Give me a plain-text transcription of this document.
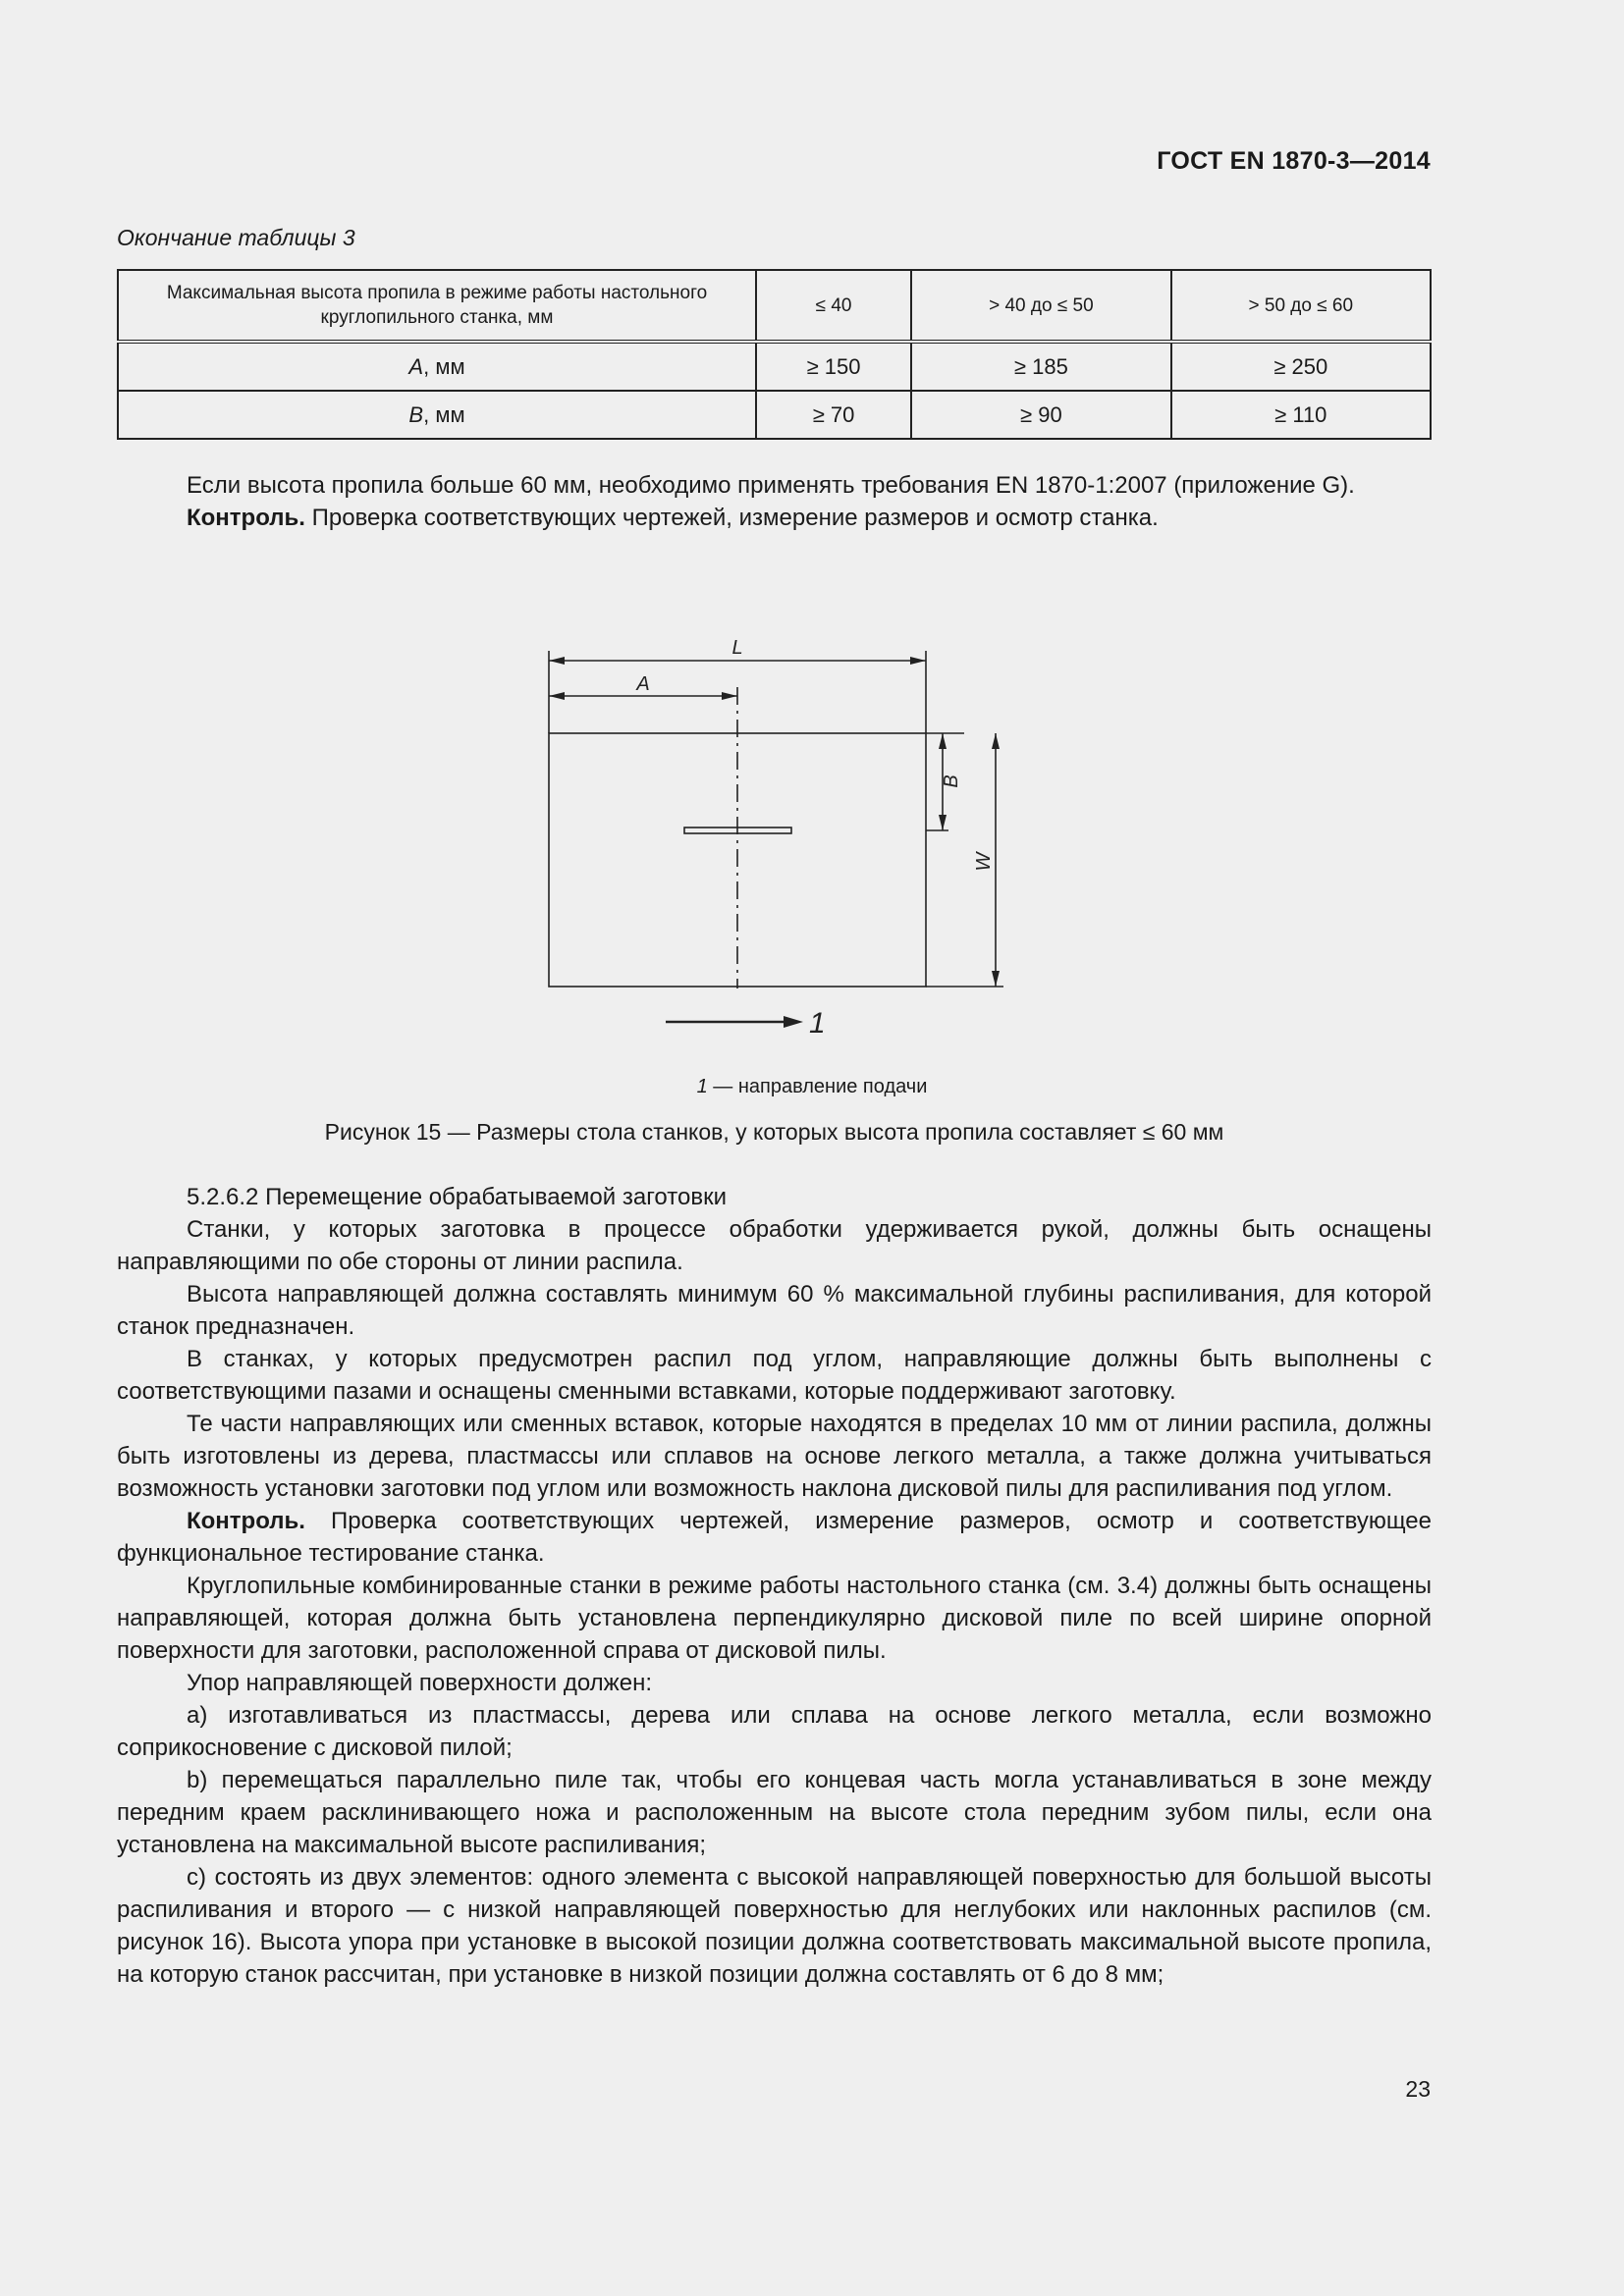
ГОСТ EN 1870-3—2014
Окончание таблицы 3
Максимальная высота пропила в режиме работы настольного круглопильного станка, мм	≤ 40	> 40 до ≤ 50	> 50 до ≤ 60
A, мм	≥ 150	≥ 185	≥ 250
B, мм	≥ 70	≥ 90	≥ 110

Если высота пропила больше 60 мм, необходимо применять требования EN 1870-1:2007 (приложение G).

Контроль. Проверка соответствующих чертежей, измерение размеров и осмотр станка.

L
A
B
W
1
1 — направление подачи
Рисунок 15 — Размеры стола станков, у которых высота пропила составляет ≤ 60 мм

5.2.6.2 Перемещение обрабатываемой заготовки

Станки, у которых заготовка в процессе обработки удерживается рукой, должны быть оснащены направляющими по обе стороны от линии распила.

Высота направляющей должна составлять минимум 60 % максимальной глубины распиливания, для которой станок предназначен.

В станках, у которых предусмотрен распил под углом, направляющие должны быть выполнены с соответствующими пазами и оснащены сменными вставками, которые поддерживают заготовку.

Те части направляющих или сменных вставок, которые находятся в пределах 10 мм от линии распила, должны быть изготовлены из дерева, пластмассы или сплавов на основе легкого металла, а также должна учитываться возможность установки заготовки под углом или возможность наклона дисковой пилы для распиливания под углом.

Контроль. Проверка соответствующих чертежей, измерение размеров, осмотр и соответствующее функциональное тестирование станка.

Круглопильные комбинированные станки в режиме работы настольного станка (см. 3.4) должны быть оснащены направляющей, которая должна быть установлена перпендикулярно дисковой пиле по всей ширине опорной поверхности для заготовки, расположенной справа от дисковой пилы.

Упор направляющей поверхности должен:

a) изготавливаться из пластмассы, дерева или сплава на основе легкого металла, если возможно соприкосновение с дисковой пилой;

b) перемещаться параллельно пиле так, чтобы его концевая часть могла устанавливаться в зоне между передним краем расклинивающего ножа и расположенным на высоте стола передним зубом пилы, если она установлена на максимальной высоте распиливания;

c) состоять из двух элементов: одного элемента с высокой направляющей поверхностью для большой высоты распиливания и второго — с низкой направляющей поверхностью для неглубоких или наклонных распилов (см. рисунок 16). Высота упора при установке в высокой позиции должна соответствовать максимальной высоте пропила, на которую станок рассчитан, при установке в низкой позиции должна составлять от 6 до 8 мм;

23
